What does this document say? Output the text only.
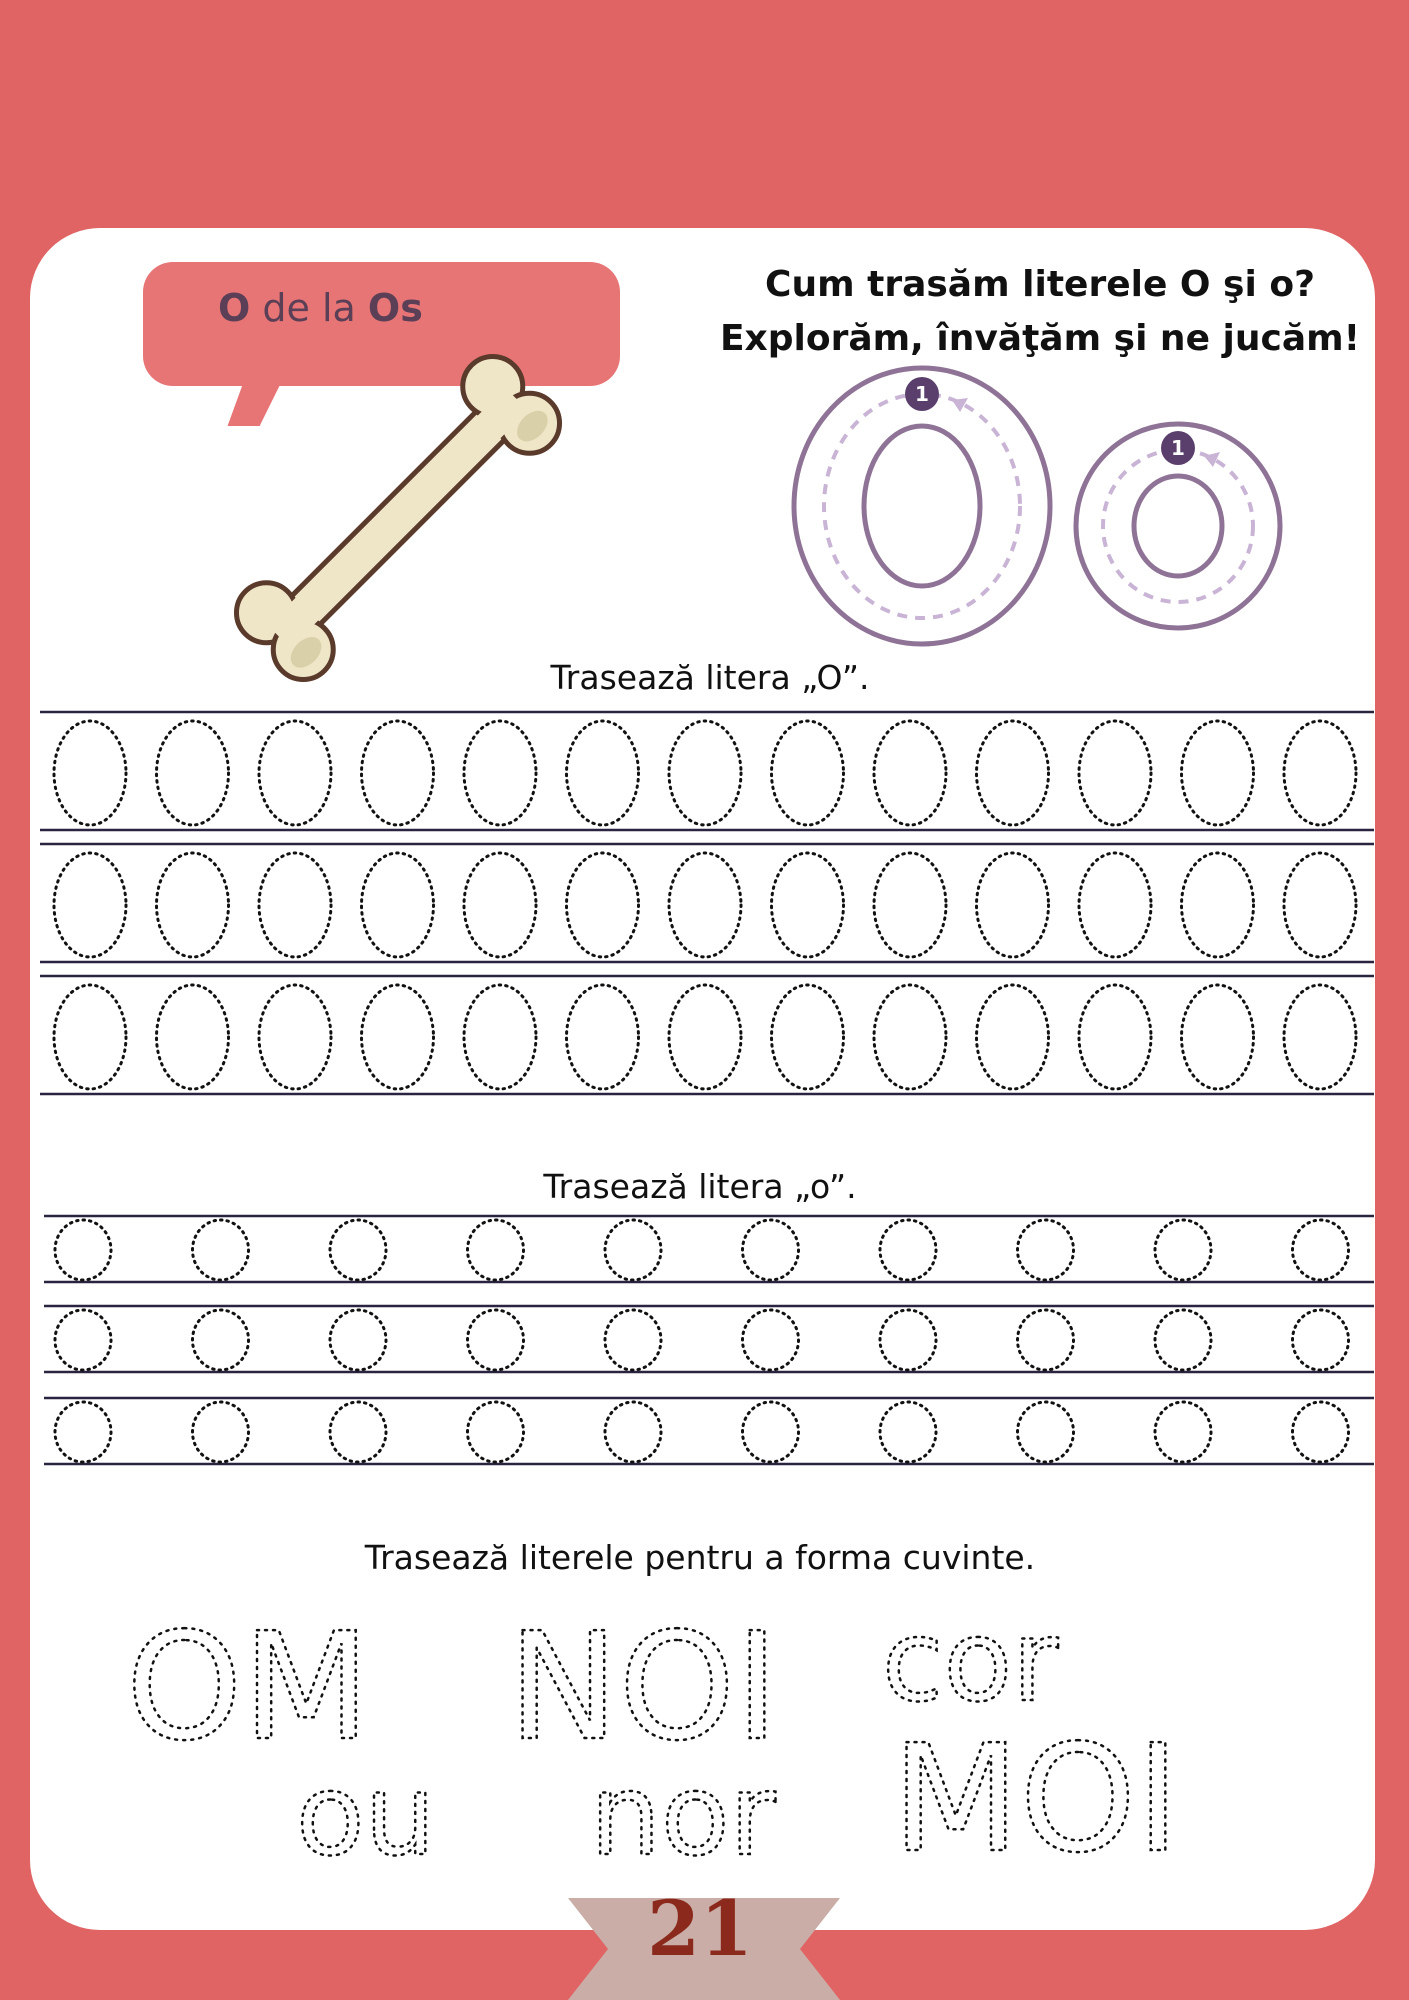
O de la Os
Cum trasăm literele O şi o?
Explorăm, învăţăm şi ne jucăm!
1
1
Trasează litera „O”.
Trasează litera „o”.
Trasează literele pentru a forma cuvinte.
OM NOI cor
ou nor MOI
21
